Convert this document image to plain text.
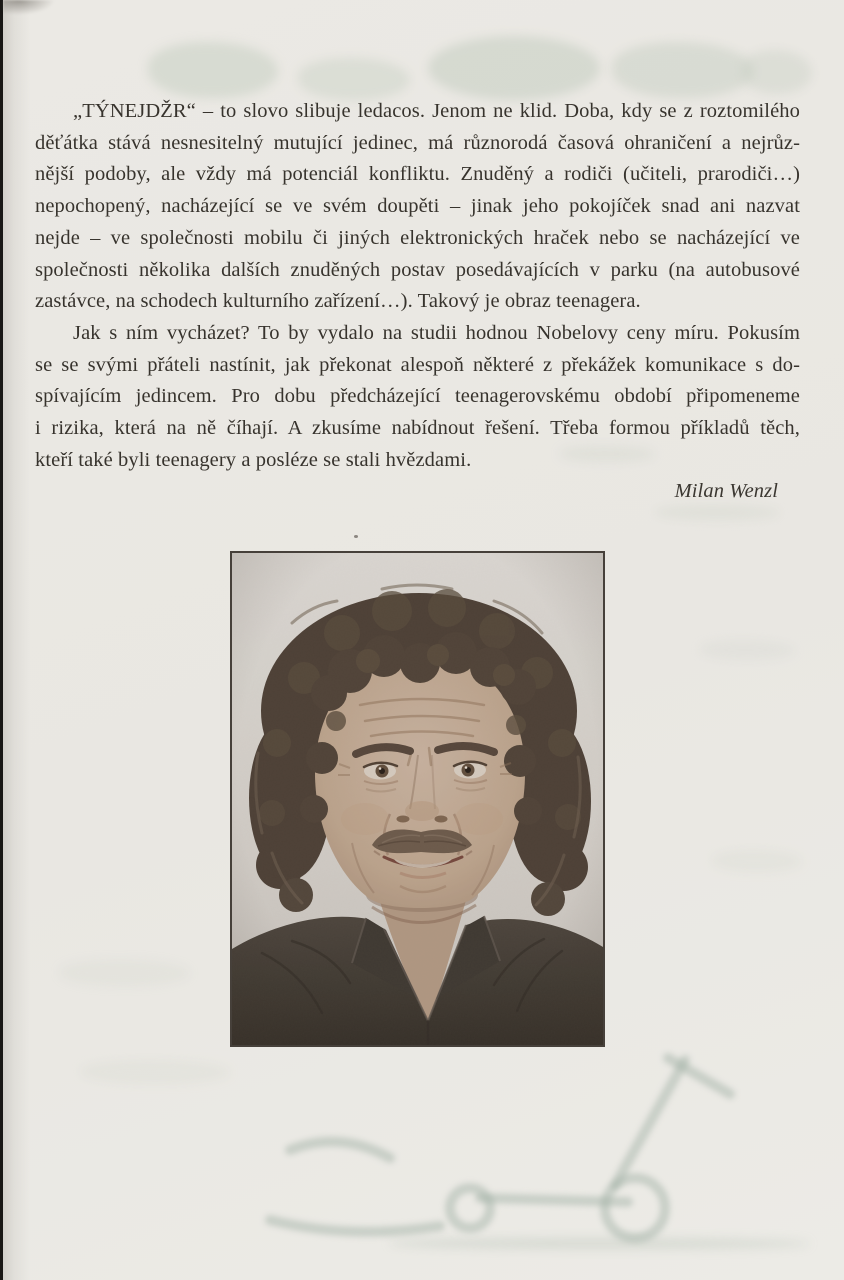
„TÝNEJDŽR“ – to slovo slibuje ledacos. Jenom ne klid. Doba, kdy se z roztomilého
děťátka stává nesnesitelný mutující jedinec, má různorodá časová ohraničení a nejrůz-
nější podoby, ale vždy má potenciál konfliktu. Znuděný a rodiči (učiteli, prarodiči…)
nepochopený, nacházející se ve svém doupěti – jinak jeho pokojíček snad ani nazvat
nejde – ve společnosti mobilu či jiných elektronických hraček nebo se nacházející ve
společnosti několika dalších znuděných postav posedávajících v parku (na autobusové
zastávce, na schodech kulturního zařízení…). Takový je obraz teenagera.
Jak s ním vycházet? To by vydalo na studii hodnou Nobelovy ceny míru. Pokusím
se se svými přáteli nastínit, jak překonat alespoň některé z překážek komunikace s do-
spívajícím jedincem. Pro dobu předcházející teenagerovskému období připomeneme
i rizika, která na ně číhají. A zkusíme nabídnout řešení. Třeba formou příkladů těch,
kteří také byli teenagery a posléze se stali hvězdami.
Milan Wenzl
